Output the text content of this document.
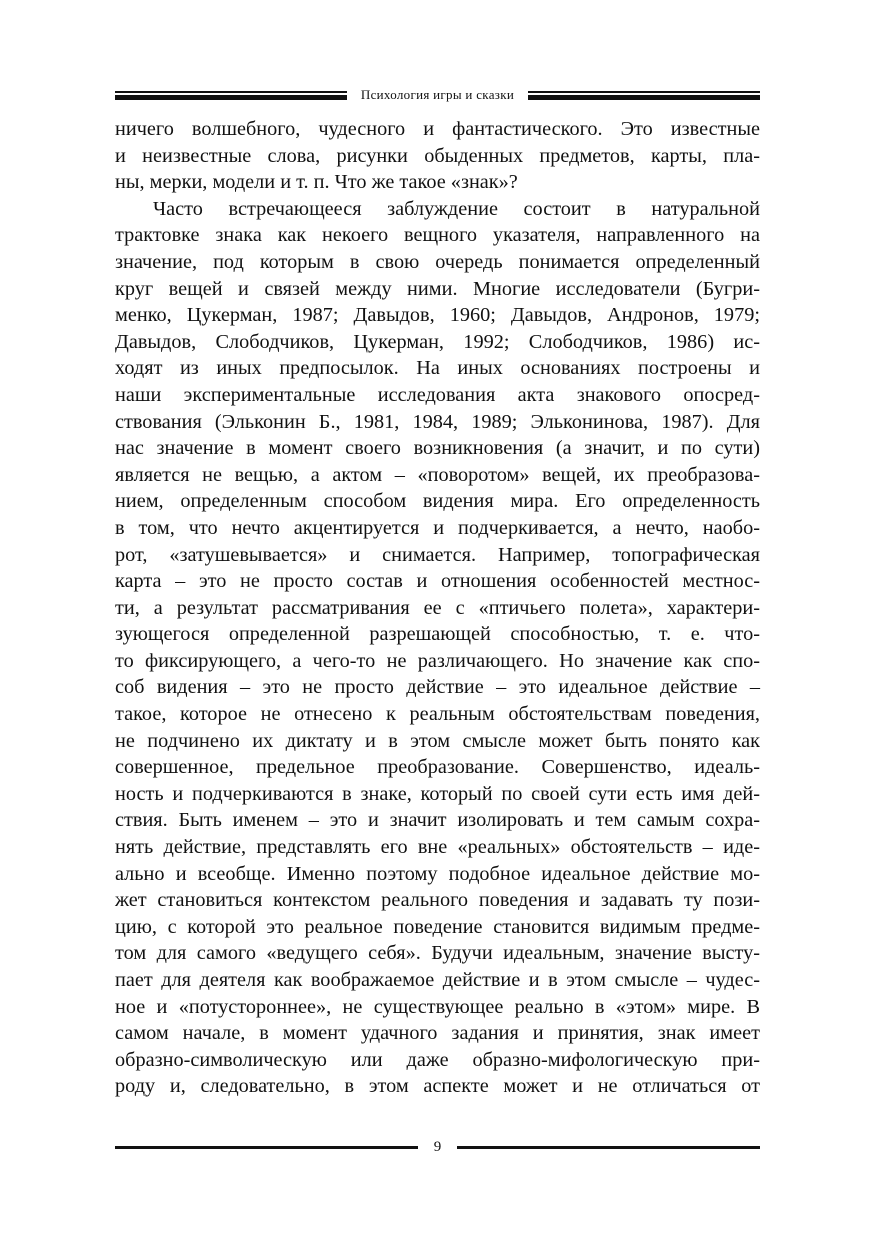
Психология игры и сказки

ничего волшебного, чудесного и фантастического. Это известные
и неизвестные слова, рисунки обыденных предметов, карты, пла-
ны, мерки, модели и т. п. Что же такое «знак»?

Часто встречающееся заблуждение состоит в натуральной
трактовке знака как некоего вещного указателя, направленного на
значение, под которым в свою очередь понимается определенный
круг вещей и связей между ними. Многие исследователи (Бугри-
менко, Цукерман, 1987; Давыдов, 1960; Давыдов, Андронов, 1979;
Давыдов, Слободчиков, Цукерман, 1992; Слободчиков, 1986) ис-
ходят из иных предпосылок. На иных основаниях построены и
наши экспериментальные исследования акта знакового опосред-
ствования (Эльконин Б., 1981, 1984, 1989; Эльконинова, 1987). Для
нас значение в момент своего возникновения (а значит, и по сути)
является не вещью, а актом – «поворотом» вещей, их преобразова-
нием, определенным способом видения мира. Его определенность
в том, что нечто акцентируется и подчеркивается, а нечто, наобо-
рот, «затушевывается» и снимается. Например, топографическая
карта – это не просто состав и отношения особенностей местнос-
ти, а результат рассматривания ее с «птичьего полета», характери-
зующегося определенной разрешающей способностью, т. е. что-
то фиксирующего, а чего-то не различающего. Но значение как спо-
соб видения – это не просто действие – это идеальное действие –
такое, которое не отнесено к реальным обстоятельствам поведения,
не подчинено их диктату и в этом смысле может быть понято как
совершенное, предельное преобразование. Совершенство, идеаль-
ность и подчеркиваются в знаке, который по своей сути есть имя дей-
ствия. Быть именем – это и значит изолировать и тем самым сохра-
нять действие, представлять его вне «реальных» обстоятельств – иде-
ально и всеобще. Именно поэтому подобное идеальное действие мо-
жет становиться контекстом реального поведения и задавать ту пози-
цию, с которой это реальное поведение становится видимым предме-
том для самого «ведущего себя». Будучи идеальным, значение высту-
пает для деятеля как воображаемое действие и в этом смысле – чудес-
ное и «потустороннее», не существующее реально в «этом» мире. В
самом начале, в момент удачного задания и принятия, знак имеет
образно-символическую или даже образно-мифологическую при-
роду и, следовательно, в этом аспекте может и не отличаться от

9
